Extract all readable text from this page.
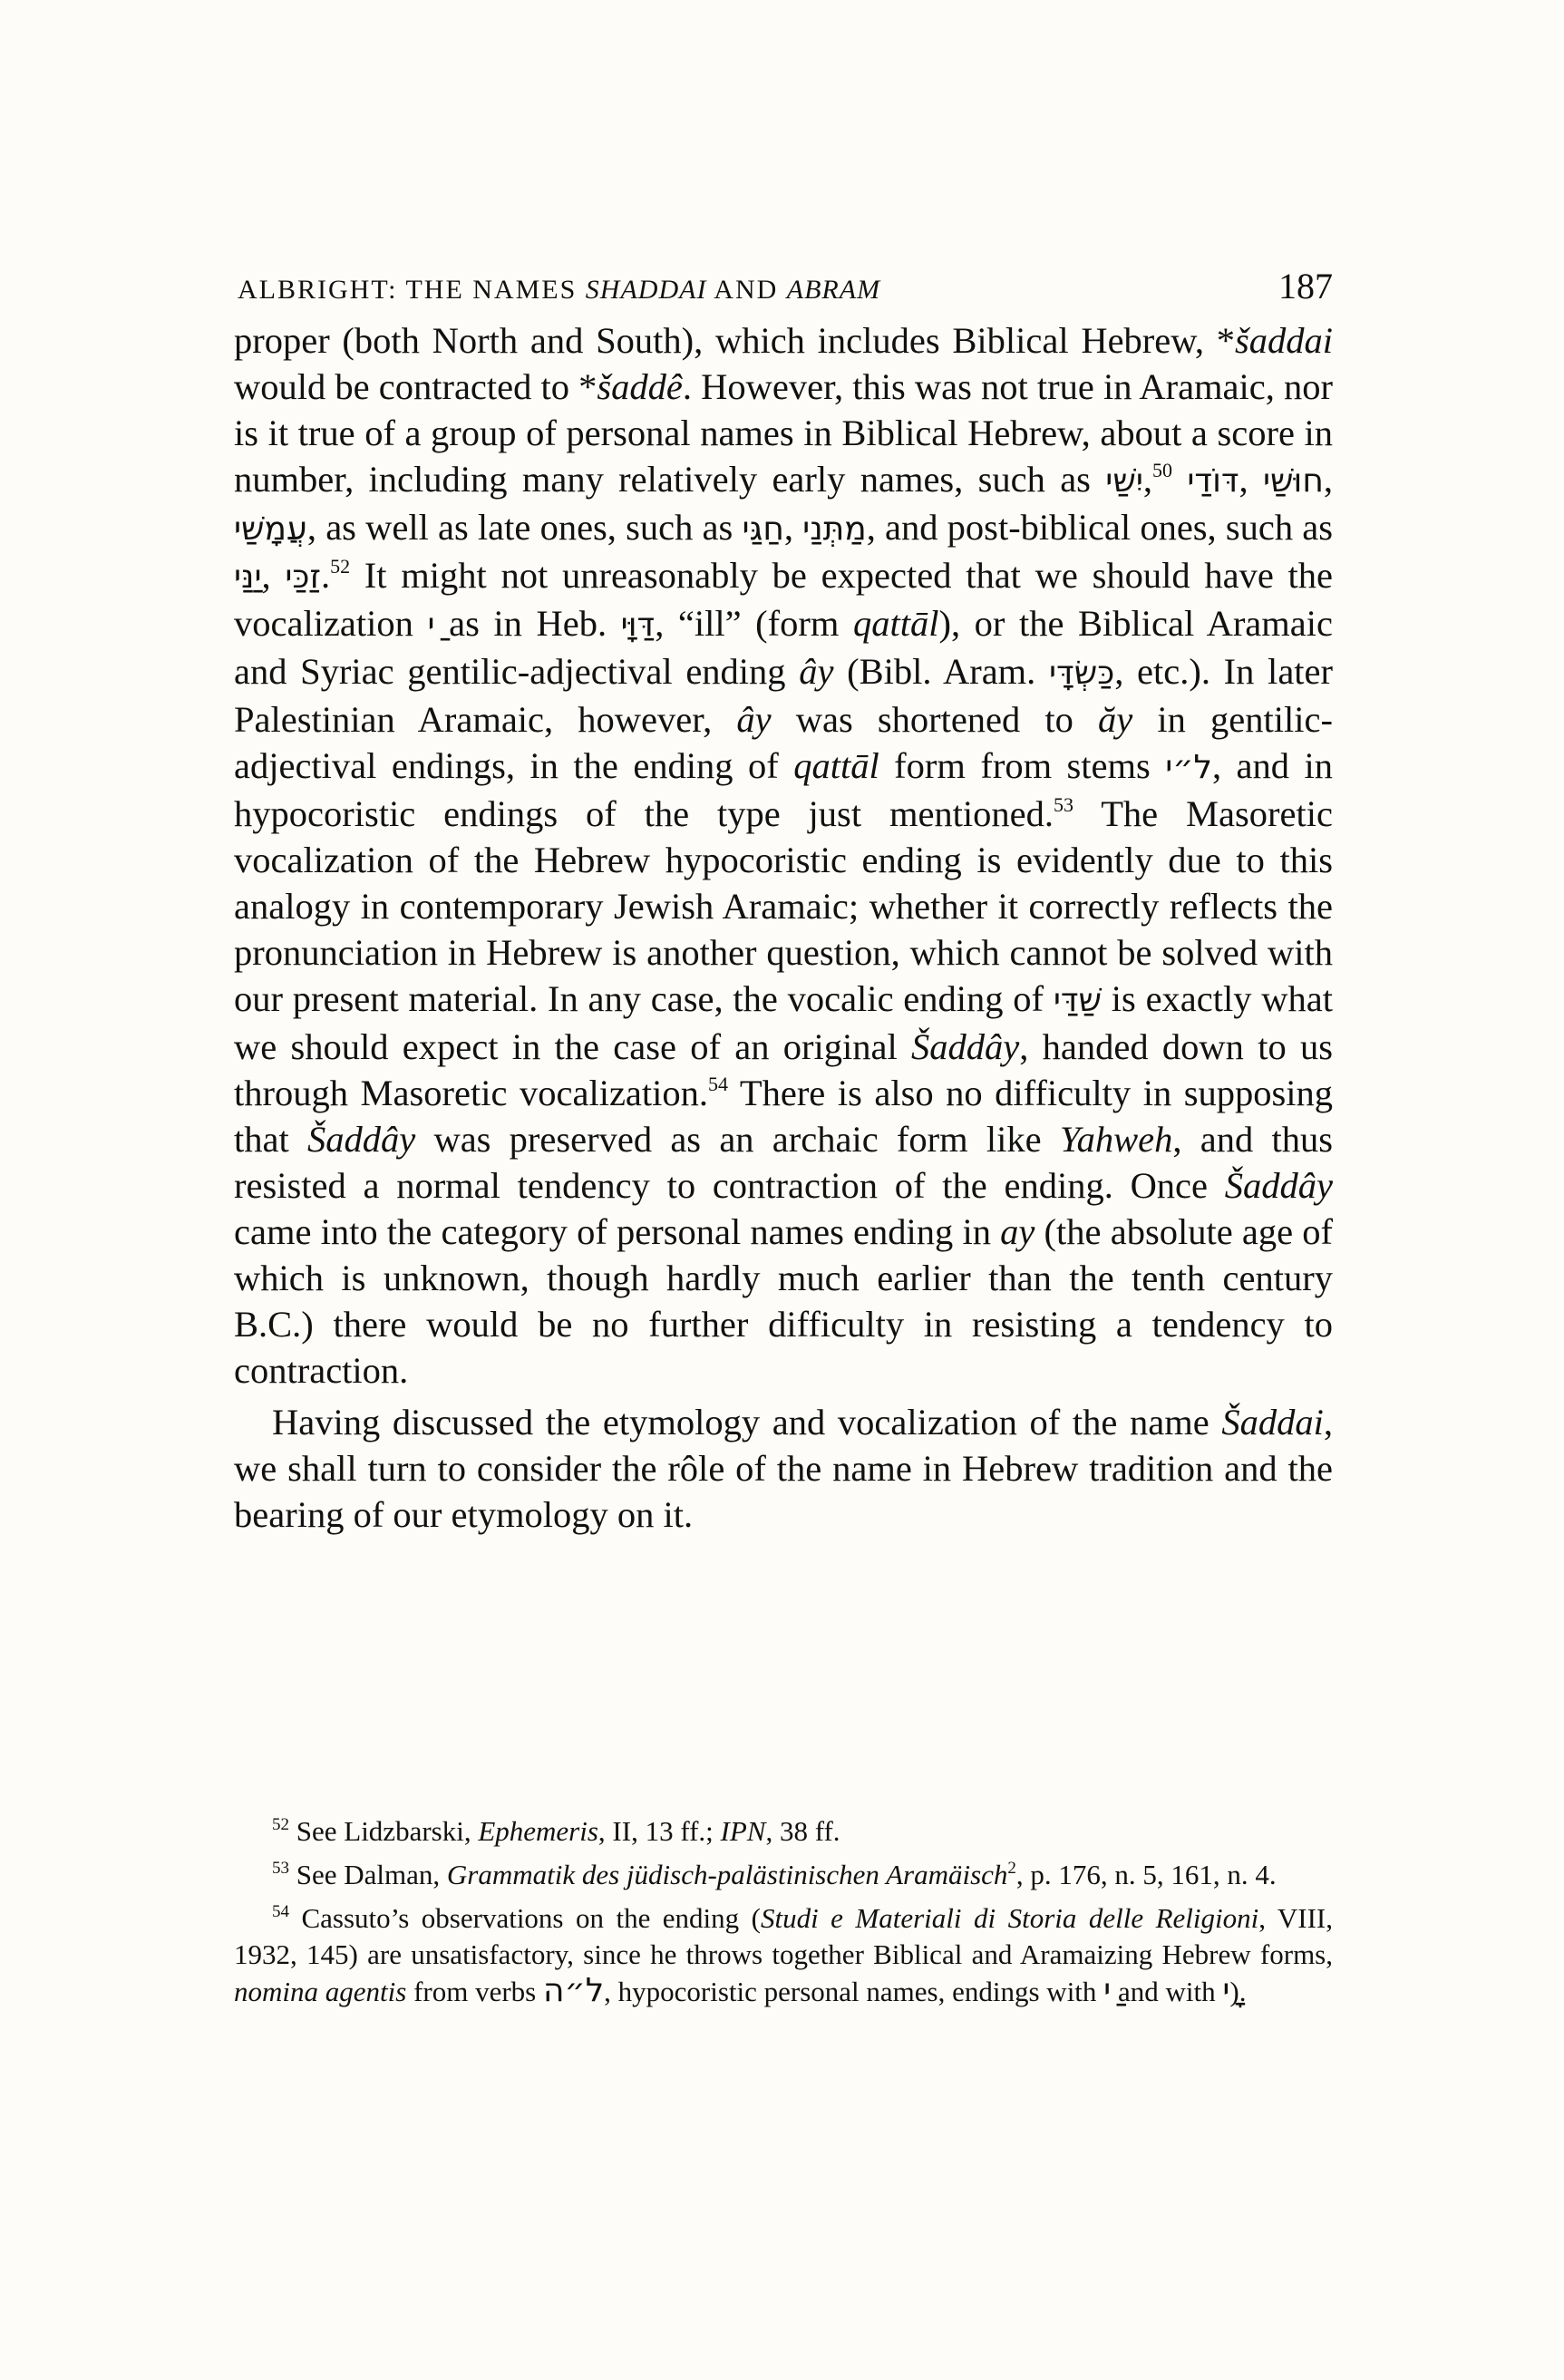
ALBRIGHT: THE NAMES SHADDAI AND ABRAM	187

proper (both North and South), which includes Biblical Hebrew, *šaddai would be contracted to *šaddê. However, this was not true in Aramaic, nor is it true of a group of personal names in Biblical Hebrew, about a score in number, including many relatively early names, such as יִשַׁי,$^{50}$ דּוֹדַי, חוּשַׁי, עֲמָשַׁי, as well as late ones, such as חַגַּי, מַתְּנַי, and post-biblical ones, such as יַנַּי, זַכַּי.$^{52}$ It might not unreasonably be expected that we should have the vocalization ַי as in Heb. דַּוָּי, “ill” (form qattāl), or the Biblical Aramaic and Syriac gentilic-adjectival ending ây (Bibl. Aram. כַּשְׂדָּי, etc.). In later Palestinian Aramaic, however, ây was shortened to ăy in gentilic-adjectival endings, in the ending of qattāl form from stems ל״י, and in hypocoristic endings of the type just mentioned.$^{53}$ The Masoretic vocalization of the Hebrew hypocoristic ending is evidently due to this analogy in contemporary Jewish Aramaic; whether it correctly reflects the pronunciation in Hebrew is another question, which cannot be solved with our present material. In any case, the vocalic ending of שַׁדַּי is exactly what we should expect in the case of an original Šaddây, handed down to us through Masoretic vocalization.$^{54}$ There is also no difficulty in supposing that Šaddây was preserved as an archaic form like Yahweh, and thus resisted a normal tendency to contraction of the ending. Once Šaddây came into the category of personal names ending in ay (the absolute age of which is unknown, though hardly much earlier than the tenth century B.C.) there would be no further difficulty in resisting a tendency to contraction.

Having discussed the etymology and vocalization of the name Šaddai, we shall turn to consider the rôle of the name in Hebrew tradition and the bearing of our etymology on it.

$^{52}$ See Lidzbarski, Ephemeris, II, 13 ff.; IPN, 38 ff.

$^{53}$ See Dalman, Grammatik des jüdisch-palästinischen Aramäisch$^2$, p. 176, n. 5, 161, n. 4.

$^{54}$ Cassuto’s observations on the ending (Studi e Materiali di Storia delle Religioni, VIII, 1932, 145) are unsatisfactory, since he throws together Biblical and Aramaizing Hebrew forms, nomina agentis from verbs ל״ה, hypocoristic personal names, endings with ַי and with ָי).
